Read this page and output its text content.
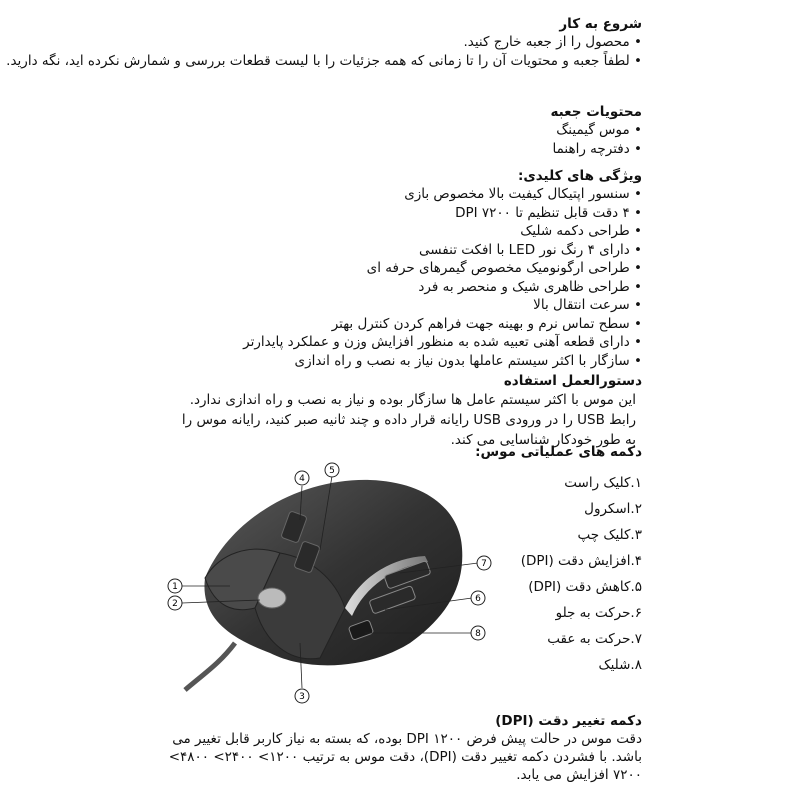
شروع به کار
• محصول را از جعبه خارج کنید.
• لطفاً جعبه و محتویات آن را تا زمانی که همه جزئیات را با لیست قطعات بررسی و شمارش نکرده اید، نگه دارید.
محتویات جعبه
• موس گیمینگ
• دفترچه راهنما
ویژگی های کلیدی:
• سنسور اپتیکال کیفیت بالا مخصوص بازی
• ۴ دقت قابل تنظیم تا DPI ۷۲۰۰
• طراحی دکمه شلیک
• دارای ۴ رنگ نور LED با افکت تنفسی
• طراحی ارگونومیک مخصوص گیمرهای حرفه ای
• طراحی ظاهری شیک و منحصر به فرد
• سرعت انتقال بالا
• سطح تماس نرم و بهینه جهت فراهم کردن کنترل بهتر
• دارای قطعه آهنی تعبیه شده به منظور افزایش وزن و عملکرد پایدارتر
• سازگار با اکثر سیستم عاملها بدون نیاز به نصب و راه اندازی
دستورالعمل استفاده
این موس با اکثر سیستم عامل ها سازگار بوده و نیاز به نصب و راه اندازی ندارد. رابط USB را در ورودی USB رایانه قرار داده و چند ثانیه صبر کنید، رایانه موس را به طور خودکار شناسایی می کند.
دکمه های عملیاتی موس:
1
2
3
4
5
6
7
8
۱.کلیک راست
۲.اسکرول
۳.کلیک چپ
۴.افزایش دقت (DPI)
۵.کاهش دقت (DPI)
۶.حرکت به جلو
۷.حرکت به عقب
۸.شلیک
دکمه تغییر دقت (DPI)
دقت موس در حالت پیش فرض DPI ۱۲۰۰ بوده، که بسته به نیاز کاربر قابل تغییر می باشد. با فشردن دکمه تغییر دقت (DPI)، دقت موس به ترتیب ۱۲۰۰> ۲۴۰۰> ۴۸۰۰> ۷۲۰۰ افزایش می یابد.
